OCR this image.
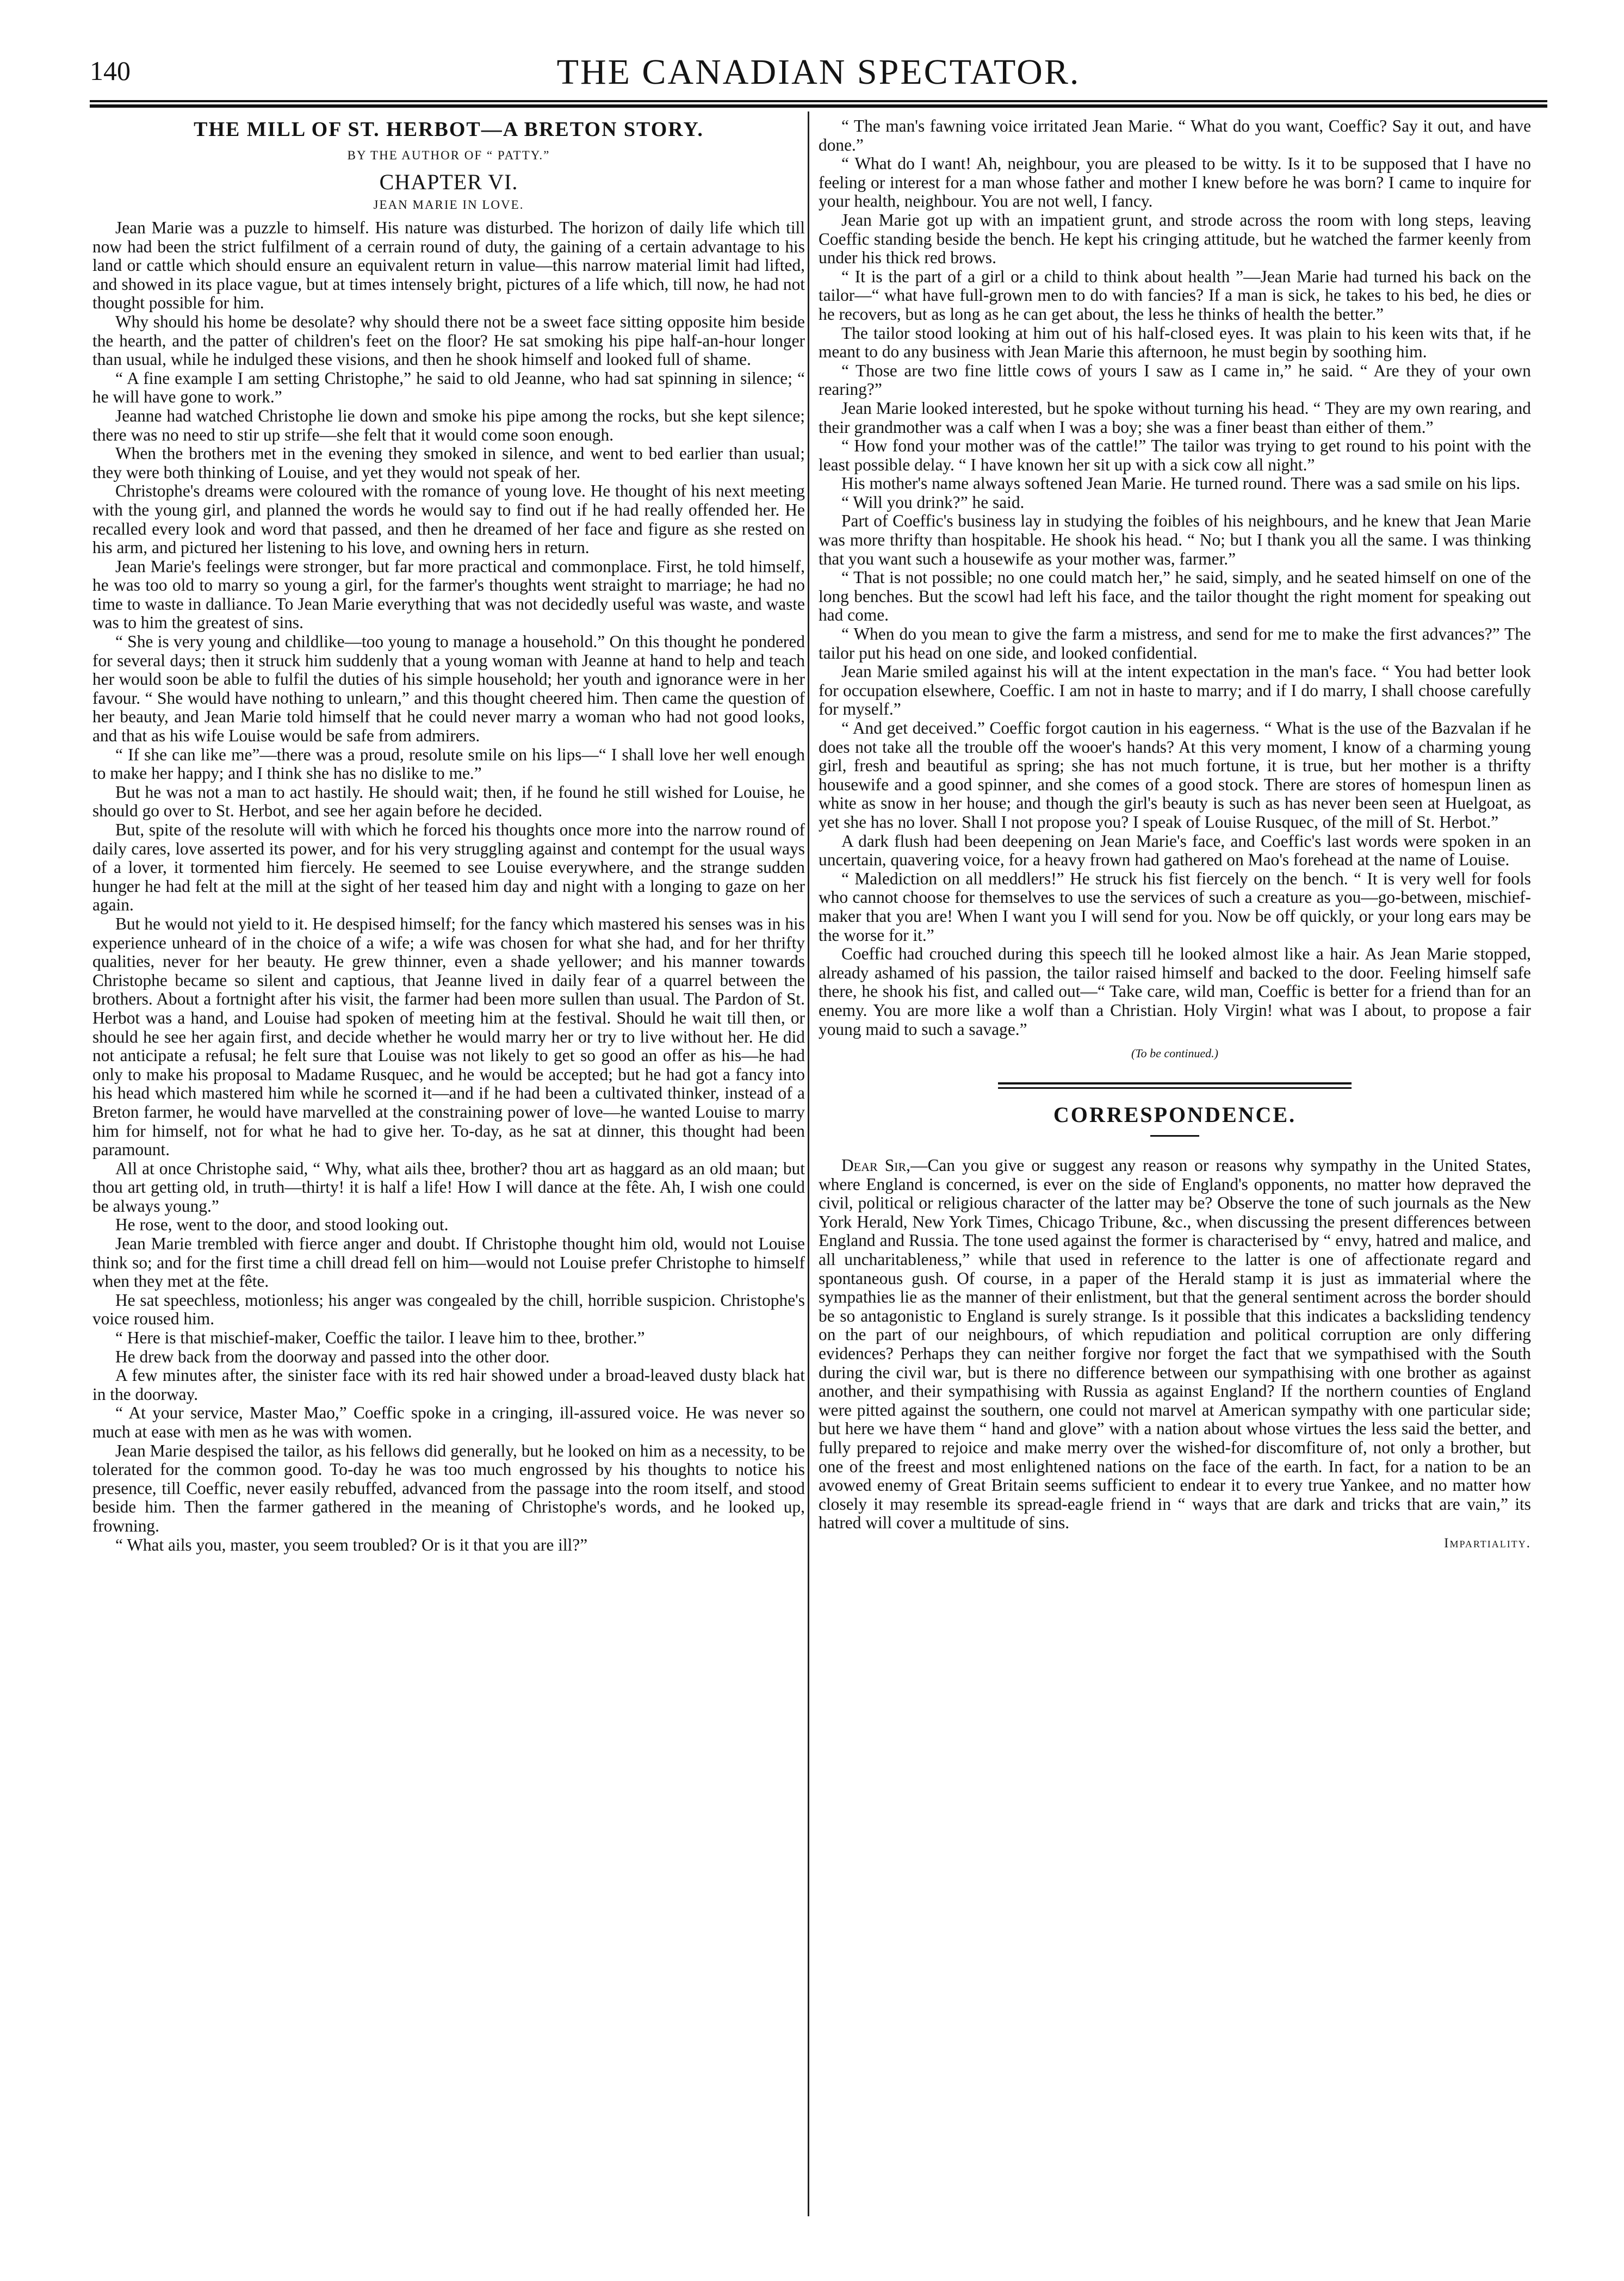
140	THE CANADIAN SPECTATOR.
THE MILL OF ST. HERBOT—A BRETON STORY.
BY THE AUTHOR OF “ PATTY.”
CHAPTER VI.
JEAN MARIE IN LOVE.

Jean Marie was a puzzle to himself. His nature was disturbed. The horizon of daily life which till now had been the strict fulfilment of a cerrain round of duty, the gaining of a certain advantage to his land or cattle which should ensure an equivalent return in value—this narrow material limit had lifted, and showed in its place vague, but at times intensely bright, pictures of a life which, till now, he had not thought possible for him.

Why should his home be desolate? why should there not be a sweet face sitting opposite him beside the hearth, and the patter of children's feet on the floor? He sat smoking his pipe half-an-hour longer than usual, while he indulged these visions, and then he shook himself and looked full of shame.

“ A fine example I am setting Christophe,” he said to old Jeanne, who had sat spinning in silence; “ he will have gone to work.”

Jeanne had watched Christophe lie down and smoke his pipe among the rocks, but she kept silence; there was no need to stir up strife—she felt that it would come soon enough.

When the brothers met in the evening they smoked in silence, and went to bed earlier than usual; they were both thinking of Louise, and yet they would not speak of her.

Christophe's dreams were coloured with the romance of young love. He thought of his next meeting with the young girl, and planned the words he would say to find out if he had really offended her. He recalled every look and word that passed, and then he dreamed of her face and figure as she rested on his arm, and pictured her listening to his love, and owning hers in return.

Jean Marie's feelings were stronger, but far more practical and commonplace. First, he told himself, he was too old to marry so young a girl, for the farmer's thoughts went straight to marriage; he had no time to waste in dalliance. To Jean Marie everything that was not decidedly useful was waste, and waste was to him the greatest of sins.

“ She is very young and childlike—too young to manage a household.” On this thought he pondered for several days; then it struck him suddenly that a young woman with Jeanne at hand to help and teach her would soon be able to fulfil the duties of his simple household; her youth and ignorance were in her favour. “ She would have nothing to unlearn,” and this thought cheered him. Then came the question of her beauty, and Jean Marie told himself that he could never marry a woman who had not good looks, and that as his wife Louise would be safe from admirers.

“ If she can like me”—there was a proud, resolute smile on his lips—“ I shall love her well enough to make her happy; and I think she has no dislike to me.”

But he was not a man to act hastily. He should wait; then, if he found he still wished for Louise, he should go over to St. Herbot, and see her again before he decided.

But, spite of the resolute will with which he forced his thoughts once more into the narrow round of daily cares, love asserted its power, and for his very struggling against and contempt for the usual ways of a lover, it tormented him fiercely. He seemed to see Louise everywhere, and the strange sudden hunger he had felt at the mill at the sight of her teased him day and night with a longing to gaze on her again.

But he would not yield to it. He despised himself; for the fancy which mastered his senses was in his experience unheard of in the choice of a wife; a wife was chosen for what she had, and for her thrifty qualities, never for her beauty. He grew thinner, even a shade yellower; and his manner towards Christophe became so silent and captious, that Jeanne lived in daily fear of a quarrel between the brothers. About a fortnight after his visit, the farmer had been more sullen than usual. The Pardon of St. Herbot was a hand, and Louise had spoken of meeting him at the festival. Should he wait till then, or should he see her again first, and decide whether he would marry her or try to live without her. He did not anticipate a refusal; he felt sure that Louise was not likely to get so good an offer as his—he had only to make his proposal to Madame Rusquec, and he would be accepted; but he had got a fancy into his head which mastered him while he scorned it—and if he had been a cultivated thinker, instead of a Breton farmer, he would have marvelled at the constraining power of love—he wanted Louise to marry him for himself, not for what he had to give her. To-day, as he sat at dinner, this thought had been paramount.

All at once Christophe said, “ Why, what ails thee, brother? thou art as haggard as an old maan; but thou art getting old, in truth—thirty! it is half a life! How I will dance at the fête. Ah, I wish one could be always young.”

He rose, went to the door, and stood looking out.

Jean Marie trembled with fierce anger and doubt. If Christophe thought him old, would not Louise think so; and for the first time a chill dread fell on him—would not Louise prefer Christophe to himself when they met at the fête.

He sat speechless, motionless; his anger was congealed by the chill, horrible suspicion. Christophe's voice roused him.

“ Here is that mischief-maker, Coeffic the tailor. I leave him to thee, brother.”

He drew back from the doorway and passed into the other door.

A few minutes after, the sinister face with its red hair showed under a broad-leaved dusty black hat in the doorway.

“ At your service, Master Mao,” Coeffic spoke in a cringing, ill-assured voice. He was never so much at ease with men as he was with women.

Jean Marie despised the tailor, as his fellows did generally, but he looked on him as a necessity, to be tolerated for the common good. To-day he was too much engrossed by his thoughts to notice his presence, till Coeffic, never easily rebuffed, advanced from the passage into the room itself, and stood beside him. Then the farmer gathered in the meaning of Christophe's words, and he looked up, frowning.

“ What ails you, master, you seem troubled? Or is it that you are ill?”

“ The man's fawning voice irritated Jean Marie. “ What do you want, Coeffic? Say it out, and have done.”

“ What do I want! Ah, neighbour, you are pleased to be witty. Is it to be supposed that I have no feeling or interest for a man whose father and mother I knew before he was born? I came to inquire for your health, neighbour. You are not well, I fancy.

Jean Marie got up with an impatient grunt, and strode across the room with long steps, leaving Coeffic standing beside the bench. He kept his cringing attitude, but he watched the farmer keenly from under his thick red brows.

“ It is the part of a girl or a child to think about health ”—Jean Marie had turned his back on the tailor—“ what have full-grown men to do with fancies? If a man is sick, he takes to his bed, he dies or he recovers, but as long as he can get about, the less he thinks of health the better.”

The tailor stood looking at him out of his half-closed eyes. It was plain to his keen wits that, if he meant to do any business with Jean Marie this afternoon, he must begin by soothing him.

“ Those are two fine little cows of yours I saw as I came in,” he said. “ Are they of your own rearing?”

Jean Marie looked interested, but he spoke without turning his head. “ They are my own rearing, and their grandmother was a calf when I was a boy; she was a finer beast than either of them.”

“ How fond your mother was of the cattle!” The tailor was trying to get round to his point with the least possible delay. “ I have known her sit up with a sick cow all night.”

His mother's name always softened Jean Marie. He turned round. There was a sad smile on his lips.

“ Will you drink?” he said.

Part of Coeffic's business lay in studying the foibles of his neighbours, and he knew that Jean Marie was more thrifty than hospitable. He shook his head. “ No; but I thank you all the same. I was thinking that you want such a housewife as your mother was, farmer.”

“ That is not possible; no one could match her,” he said, simply, and he seated himself on one of the long benches. But the scowl had left his face, and the tailor thought the right moment for speaking out had come.

“ When do you mean to give the farm a mistress, and send for me to make the first advances?” The tailor put his head on one side, and looked confidential.

Jean Marie smiled against his will at the intent expectation in the man's face. “ You had better look for occupation elsewhere, Coeffic. I am not in haste to marry; and if I do marry, I shall choose carefully for myself.”

“ And get deceived.” Coeffic forgot caution in his eagerness. “ What is the use of the Bazvalan if he does not take all the trouble off the wooer's hands? At this very moment, I know of a charming young girl, fresh and beautiful as spring; she has not much fortune, it is true, but her mother is a thrifty housewife and a good spinner, and she comes of a good stock. There are stores of homespun linen as white as snow in her house; and though the girl's beauty is such as has never been seen at Huelgoat, as yet she has no lover. Shall I not propose you? I speak of Louise Rusquec, of the mill of St. Herbot.”

A dark flush had been deepening on Jean Marie's face, and Coeffic's last words were spoken in an uncertain, quavering voice, for a heavy frown had gathered on Mao's forehead at the name of Louise.

“ Malediction on all meddlers!” He struck his fist fiercely on the bench. “ It is very well for fools who cannot choose for themselves to use the services of such a creature as you—go-between, mischief-maker that you are! When I want you I will send for you. Now be off quickly, or your long ears may be the worse for it.”

Coeffic had crouched during this speech till he looked almost like a hair. As Jean Marie stopped, already ashamed of his passion, the tailor raised himself and backed to the door. Feeling himself safe there, he shook his fist, and called out—“ Take care, wild man, Coeffic is better for a friend than for an enemy. You are more like a wolf than a Christian. Holy Virgin! what was I about, to propose a fair young maid to such a savage.”

(To be continued.)
CORRESPONDENCE.

Dear Sir,—Can you give or suggest any reason or reasons why sympathy in the United States, where England is concerned, is ever on the side of England's opponents, no matter how depraved the civil, political or religious character of the latter may be? Observe the tone of such journals as the New York Herald, New York Times, Chicago Tribune, &c., when discussing the present differences between England and Russia. The tone used against the former is characterised by “ envy, hatred and malice, and all uncharitableness,” while that used in reference to the latter is one of affectionate regard and spontaneous gush. Of course, in a paper of the Herald stamp it is just as immaterial where the sympathies lie as the manner of their enlistment, but that the general sentiment across the border should be so antagonistic to England is surely strange. Is it possible that this indicates a backsliding tendency on the part of our neighbours, of which repudiation and political corruption are only differing evidences? Perhaps they can neither forgive nor forget the fact that we sympathised with the South during the civil war, but is there no difference between our sympathising with one brother as against another, and their sympathising with Russia as against England? If the northern counties of England were pitted against the southern, one could not marvel at American sympathy with one particular side; but here we have them “ hand and glove” with a nation about whose virtues the less said the better, and fully prepared to rejoice and make merry over the wished-for discomfiture of, not only a brother, but one of the freest and most enlightened nations on the face of the earth. In fact, for a nation to be an avowed enemy of Great Britain seems sufficient to endear it to every true Yankee, and no matter how closely it may resemble its spread-eagle friend in “ ways that are dark and tricks that are vain,” its hatred will cover a multitude of sins.

Impartiality.
